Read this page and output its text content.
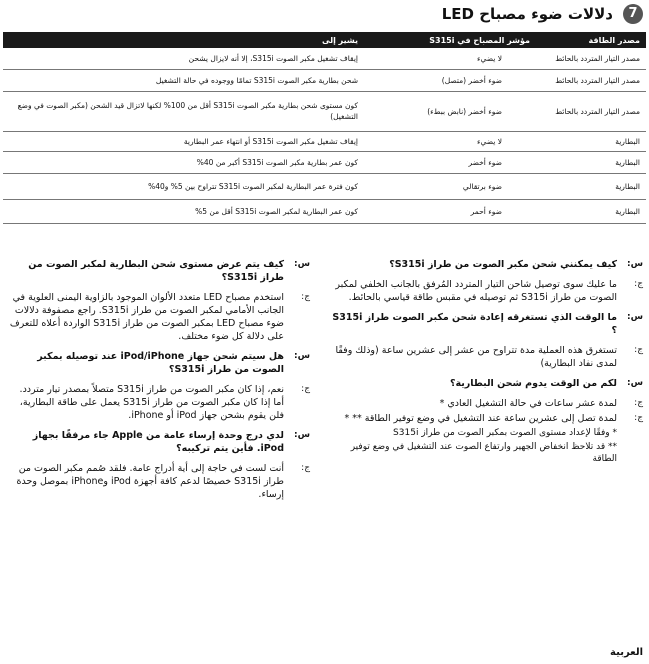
7
دلالات ضوء مصباح LED
مصدر الطاقة	مؤشر المصباح في S315i	يشير إلى
مصدر التيار المتردد بالحائط	لا يضيء	إيقاف تشغيل مكبر الصوت S315i، إلا أنه لايزال يشحن
مصدر التيار المتردد بالحائط	ضوء أخضر (متصل)	شحن بطارية مكبر الصوت S315i تمامًا ووجوده في حالة التشغيل
مصدر التيار المتردد بالحائط	ضوء أخضر (نابض ببطء)	كون مستوى شحن بطارية مكبر الصوت S315i أقل من 100% لكنها لاتزال قيد الشحن (مكبر الصوت في وضع التشغيل)
البطارية	لا يضيء	إيقاف تشغيل مكبر الصوت S315i أو انتهاء عمر البطارية
البطارية	ضوء أخضر	كون عمر بطارية مكبر الصوت S315i أكبر من 40%
البطارية	ضوء برتقالي	كون فترة عمر البطارية لمكبر الصوت S315i تتراوح بين 5% و40%
البطارية	ضوء أحمر	كون عمر البطارية لمكبر الصوت S315i أقل من 5%
س:
كيف يمكنني شحن مكبر الصوت من طراز S315i؟
ج:
ما عليك سوى توصيل شاحن التيار المتردد المُرفق بالجانب الخلفي لمكبر الصوت من طراز S315i ثم توصيله في مقبس طاقة قياسي بالحائط.
س:
ما الوقت الذي تستغرقه إعادة شحن مكبر الصوت طراز S315i ؟
ج:
تستغرق هذه العملية مدة تتراوح من عشر إلى عشرين ساعة (وذلك وفقًا لمدى نفاد البطارية)
س:
لكم من الوقت يدوم شحن البطارية؟
ج:
لمدة عشر ساعات في حالة التشغيل العادي *
ج:
لمدة تصل إلى عشرين ساعة عند التشغيل في وضع توفير الطاقة ** *
* وفقًا لإعداد مستوى الصوت بمكبر الصوت من طراز S315i
** قد تلاحظ انخفاض الجهير وارتفاع الصوت عند التشغيل في وضع توفير الطاقة
س:
كيف يتم عرض مستوى شحن البطارية لمكبر الصوت من طراز S315i؟
ج:
استخدم مصباح LED متعدد الألوان الموجود بالزاوية اليمنى العلوية في الجانب الأمامي لمكبر الصوت من طراز S315i. راجع مصفوفة دلالات ضوء مصباح LED بمكبر الصوت من طراز S315i الواردة أعلاه للتعرف على دلالة كل ضوء مختلف.
س:
هل سيتم شحن جهاز iPod/iPhone عند توصيله بمكبر الصوت من طراز S315i؟
ج:
نعم، إذا كان مكبر الصوت من طراز S315i متصلاً بمصدر تيار متردد. أما إذا كان مكبر الصوت من طراز S315i يعمل على طاقة البطارية، فلن يقوم بشحن جهاز iPod أو iPhone.
س:
لدي درج وحدة إرساء عامة من Apple جاء مرفقًا بجهاز iPod. فأين يتم تركيبه؟
ج:
أنت لست في حاجة إلى أية أدراج عامة. فلقد صُمم مكبر الصوت من طراز S315i خصيصًا لدعم كافة أجهزة iPod وiPhone بموصل وحدة إرساء.
العربية
